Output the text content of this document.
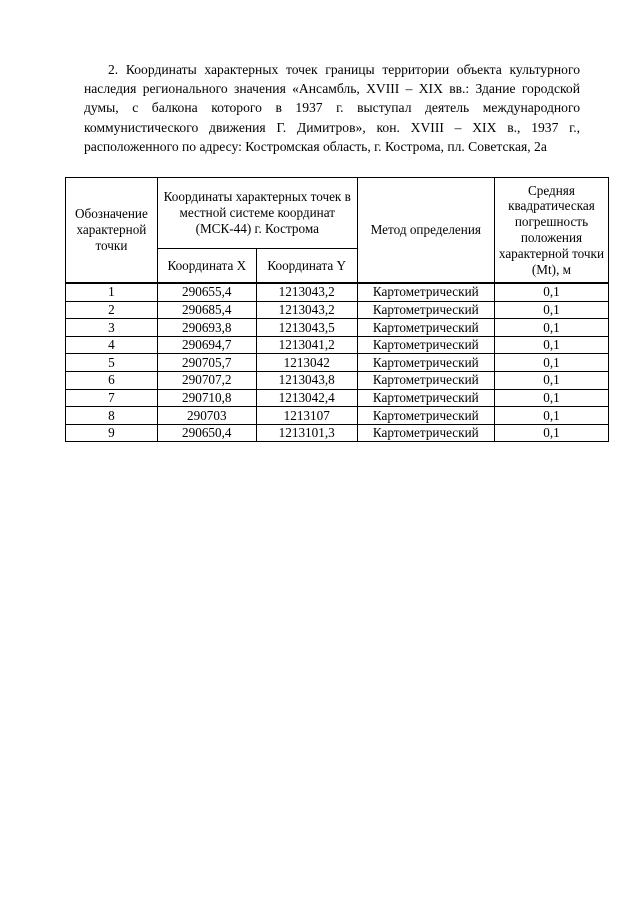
2. Координаты характерных точек границы территории объекта культурного наследия регионального значения «Ансамбль, XVIII – XIX вв.: Здание городской думы, с балкона которого в 1937 г. выступал деятель международного коммунистического движения Г. Димитров», кон. XVIII – XIX в., 1937 г., расположенного по адресу: Костромская область, г. Кострома, пл. Советская, 2а

Обозначение характерной точки	Координаты характерных точек в местной системе координат (МСК-44) г. Кострома		Метод определения	Средняя квадратическая погрешность положения характерной точки (Mt), м
	Координата X	Координата Y		
1	290655,4	1213043,2	Картометрический	0,1
2	290685,4	1213043,2	Картометрический	0,1
3	290693,8	1213043,5	Картометрический	0,1
4	290694,7	1213041,2	Картометрический	0,1
5	290705,7	1213042	Картометрический	0,1
6	290707,2	1213043,8	Картометрический	0,1
7	290710,8	1213042,4	Картометрический	0,1
8	290703	1213107	Картометрический	0,1
9	290650,4	1213101,3	Картометрический	0,1
